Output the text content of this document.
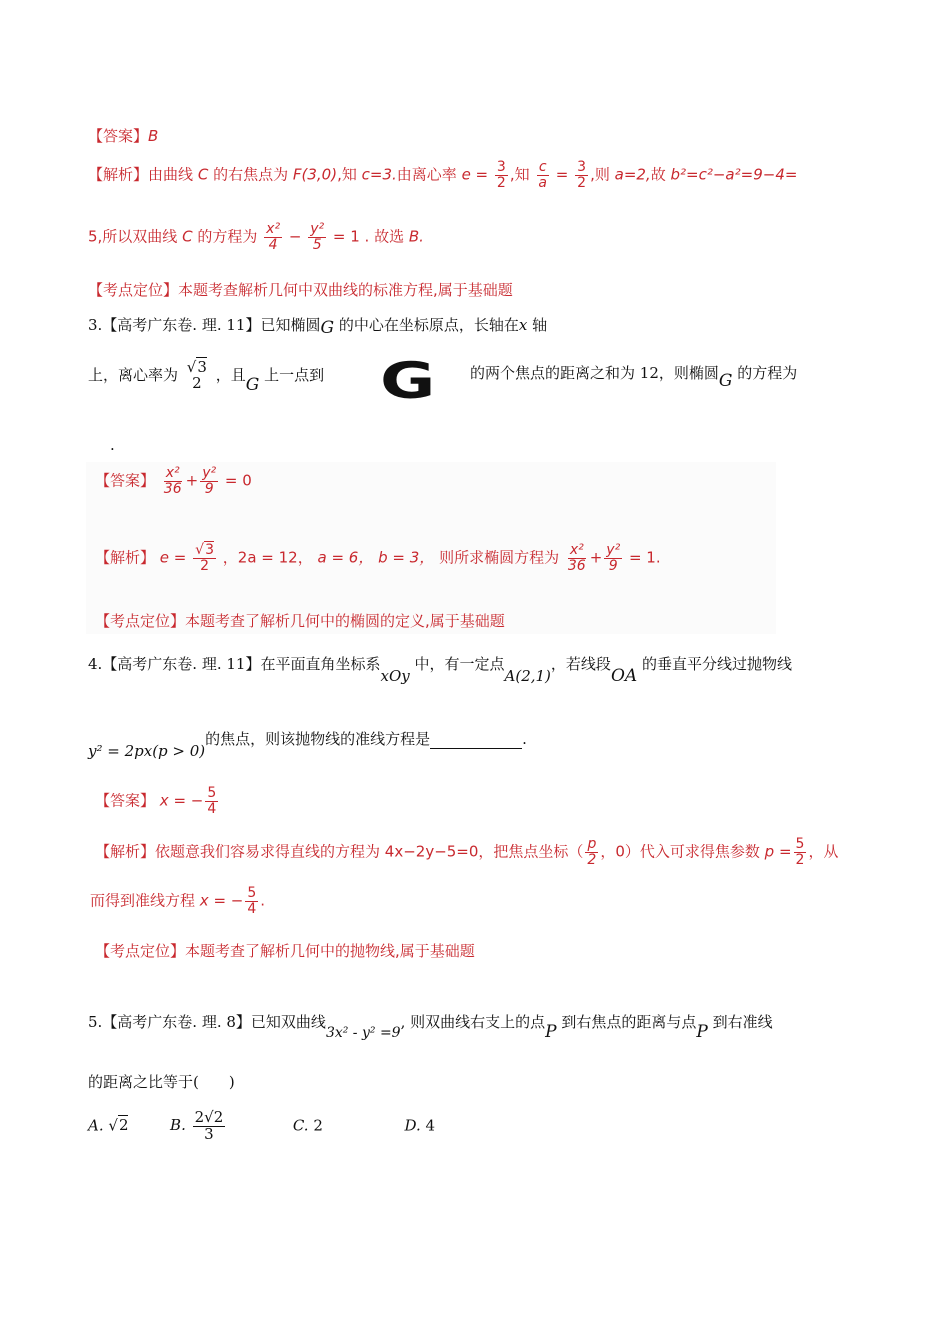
【答案】B
【解析】由曲线 C 的右焦点为 F(3,0),知 c=3.由离心率 $e = \frac{3}{2}$ ,知 $\frac{c}{a} = \frac{3}{2}$ ,则 a=2,故 b²=c²−a²=9−4=
5,所以双曲线 C 的方程为 $\frac{\text{x²}}{4} - \frac{\text{y²}}{5} = 1$ . 故选 B.
【考点定位】本题考查解析几何中双曲线的标准方程,属于基础题
3.【高考广东卷. 理. 11】已知椭圆G 的中心在坐标原点，长轴在x 轴
上，离心率为 √3
2 ，且G 上一点到 G 的两个焦点的距离之和为 12，则椭圆G 的方程为
.
【答案】 $\frac{\text{x²}}{36} + \frac{\text{y²}}{9} = 0$
【解析】 $e = \frac{√3}{2}$ ，2a = 12， a = 6， b = 3， 则所求椭圆方程为 $\frac{\text{x²}}{36} + \frac{\text{y²}}{9} = 1$.
【考点定位】本题考查了解析几何中的椭圆的定义,属于基础题
4.【高考广东卷. 理. 11】在平面直角坐标系xOy 中，有一定点A(2,1)，若线段OA 的垂直平分线过抛物线
y² = 2px(p > 0)的焦点，则该抛物线的准线方程是	.
【答案】 x = − $\frac{5}{4}$
【解析】依题意我们容易求得直线的方程为 4x−2y−5=0，把焦点坐标（ $\frac{p}{2}$ ，0）代入可求得焦参数 $p = \frac{5}{2}$ ，从
而得到准线方程 x = − $\frac{5}{4}$ .
【考点定位】本题考查了解析几何中的抛物线,属于基础题
5.【高考广东卷. 理. 8】已知双曲线3x² - y² =9, 则双曲线右支上的点P 到右焦点的距离与点P 到右准线
的距离之比等于(　　)
A. √2	B. $\frac{2√2}{3}$	C. 2	D. 4
